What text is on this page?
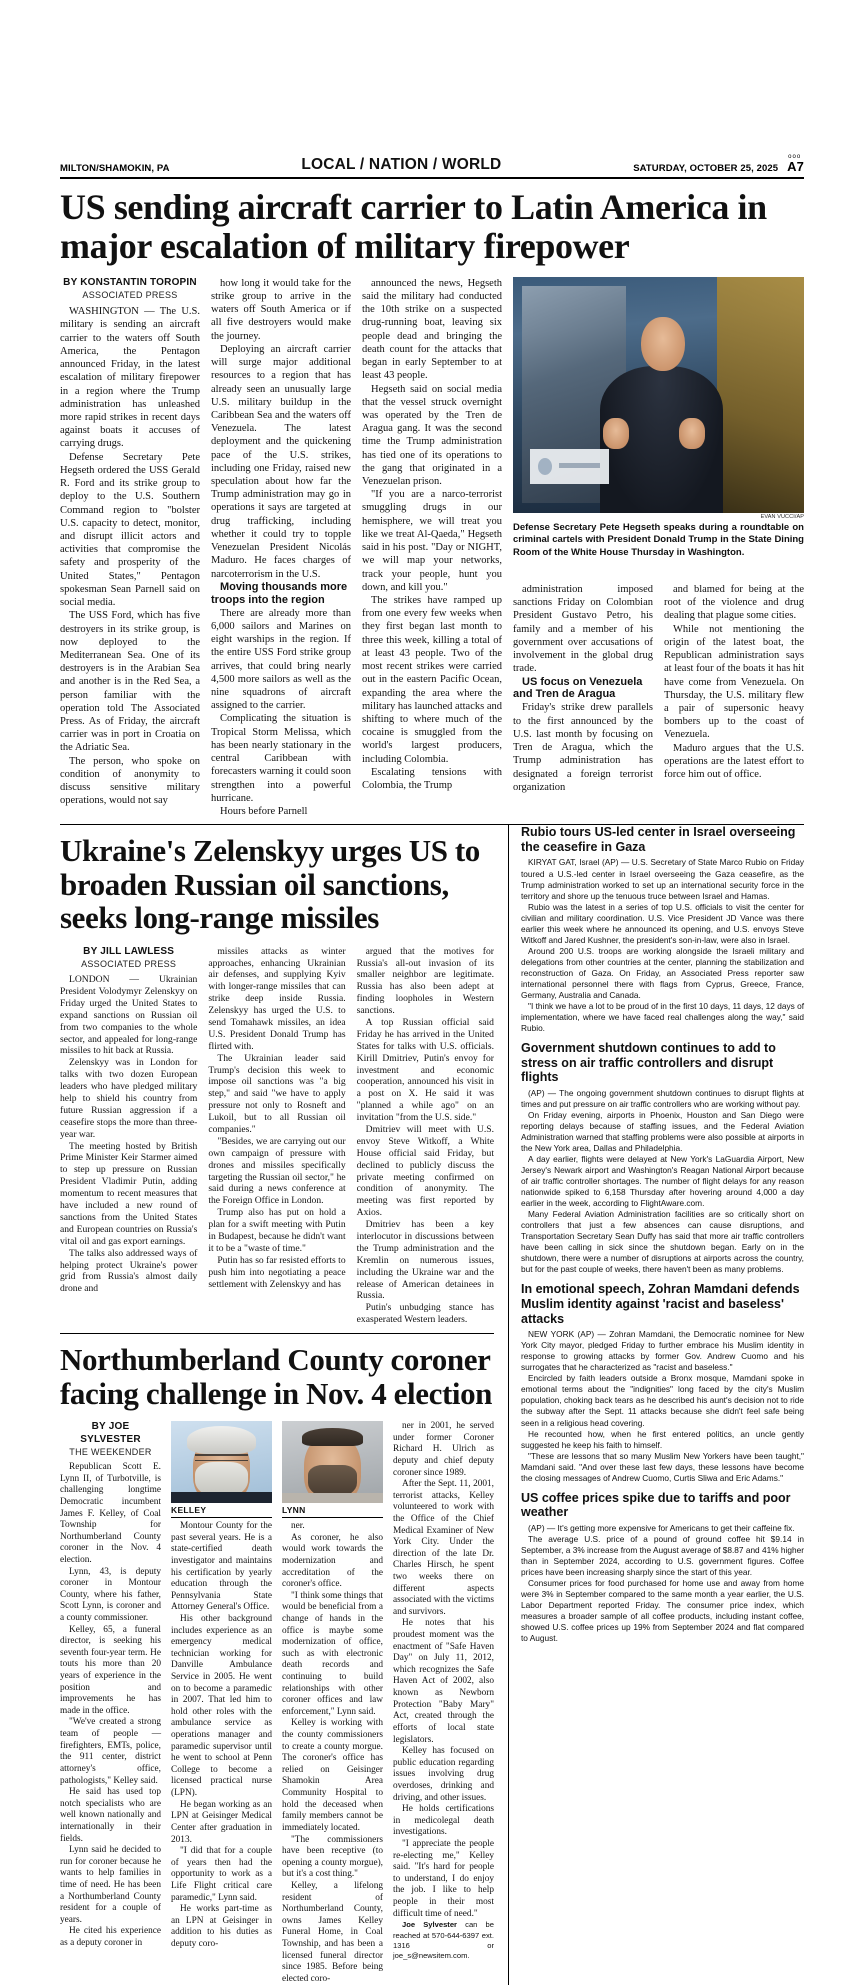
MILTON/SHAMOKIN, PA	LOCAL / NATION / WORLD	SATURDAY, OCTOBER 25, 2025
ooo
A7
US sending aircraft carrier to Latin America in major escalation of military firepower
BY KONSTANTIN TOROPIN
ASSOCIATED PRESS

WASHINGTON — The U.S. military is sending an aircraft carrier to the waters off South America, the Pentagon announced Friday, in the latest escalation of military firepower in a region where the Trump administration has unleashed more rapid strikes in recent days against boats it accuses of carrying drugs.

Defense Secretary Pete Hegseth ordered the USS Gerald R. Ford and its strike group to deploy to the U.S. Southern Command region to "bolster U.S. capacity to detect, monitor, and disrupt illicit actors and activities that compromise the safety and prosperity of the United States," Pentagon spokesman Sean Parnell said on social media.

The USS Ford, which has five destroyers in its strike group, is now deployed to the Mediterranean Sea. One of its destroyers is in the Arabian Sea and another is in the Red Sea, a person familiar with the operation told The Associated Press. As of Friday, the aircraft carrier was in port in Croatia on the Adriatic Sea.

The person, who spoke on condition of anonymity to discuss sensitive military operations, would not say

how long it would take for the strike group to arrive in the waters off South America or if all five destroyers would make the journey.

Deploying an aircraft carrier will surge major additional resources to a region that has already seen an unusually large U.S. military buildup in the Caribbean Sea and the waters off Venezuela. The latest deployment and the quickening pace of the U.S. strikes, including one Friday, raised new speculation about how far the Trump administration may go in operations it says are targeted at drug trafficking, including whether it could try to topple Venezuelan President Nicolás Maduro. He faces charges of narcoterrorism in the U.S.

Moving thousands more troops into the region

There are already more than 6,000 sailors and Marines on eight warships in the region. If the entire USS Ford strike group arrives, that could bring nearly 4,500 more sailors as well as the nine squadrons of aircraft assigned to the carrier.

Complicating the situation is Tropical Storm Melissa, which has been nearly stationary in the central Caribbean with forecasters warning it could soon strengthen into a powerful hurricane.

Hours before Parnell

announced the news, Hegseth said the military had conducted the 10th strike on a suspected drug-running boat, leaving six people dead and bringing the death count for the attacks that began in early September to at least 43 people.

Hegseth said on social media that the vessel struck overnight was operated by the Tren de Aragua gang. It was the second time the Trump administration has tied one of its operations to the gang that originated in a Venezuelan prison.

"If you are a narco-terrorist smuggling drugs in our hemisphere, we will treat you like we treat Al-Qaeda," Hegseth said in his post. "Day or NIGHT, we will map your networks, track your people, hunt you down, and kill you."

The strikes have ramped up from one every few weeks when they first began last month to three this week, killing a total of at least 43 people. Two of the most recent strikes were carried out in the eastern Pacific Ocean, expanding the area where the military has launched attacks and shifting to where much of the cocaine is smuggled from the world's largest producers, including Colombia.

Escalating tensions with Colombia, the Trump

EVAN VUCCI/AP
Defense Secretary Pete Hegseth speaks during a roundtable on criminal cartels with President Donald Trump in the State Dining Room of the White House Thursday in Washington.

administration imposed sanctions Friday on Colombian President Gustavo Petro, his family and a member of his government over accusations of involvement in the global drug trade.

US focus on Venezuela and Tren de Aragua

Friday's strike drew parallels to the first announced by the U.S. last month by focusing on Tren de Aragua, which the Trump administration has designated a foreign terrorist organization

and blamed for being at the root of the violence and drug dealing that plague some cities.

While not mentioning the origin of the latest boat, the Republican administration says at least four of the boats it has hit have come from Venezuela. On Thursday, the U.S. military flew a pair of supersonic heavy bombers up to the coast of Venezuela.

Maduro argues that the U.S. operations are the latest effort to force him out of office.

Ukraine's Zelenskyy urges US to broaden Russian oil sanctions, seeks long-range missiles
BY JILL LAWLESS
ASSOCIATED PRESS

LONDON — Ukrainian President Volodymyr Zelenskyy on Friday urged the United States to expand sanctions on Russian oil from two companies to the whole sector, and appealed for long-range missiles to hit back at Russia.

Zelenskyy was in London for talks with two dozen European leaders who have pledged military help to shield his country from future Russian aggression if a ceasefire stops the more than three-year war.

The meeting hosted by British Prime Minister Keir Starmer aimed to step up pressure on Russian President Vladimir Putin, adding momentum to recent measures that have included a new round of sanctions from the United States and European countries on Russia's vital oil and gas export earnings.

The talks also addressed ways of helping protect Ukraine's power grid from Russia's almost daily drone and

missiles attacks as winter approaches, enhancing Ukrainian air defenses, and supplying Kyiv with longer-range missiles that can strike deep inside Russia. Zelenskyy has urged the U.S. to send Tomahawk missiles, an idea U.S. President Donald Trump has flirted with.

The Ukrainian leader said Trump's decision this week to impose oil sanctions was "a big step," and said "we have to apply pressure not only to Rosneft and Lukoil, but to all Russian oil companies."

"Besides, we are carrying out our own campaign of pressure with drones and missiles specifically targeting the Russian oil sector," he said during a news conference at the Foreign Office in London.

Trump also has put on hold a plan for a swift meeting with Putin in Budapest, because he didn't want it to be a "waste of time."

Putin has so far resisted efforts to push him into negotiating a peace settlement with Zelenskyy and has

argued that the motives for Russia's all-out invasion of its smaller neighbor are legitimate. Russia has also been adept at finding loopholes in Western sanctions.

A top Russian official said Friday he has arrived in the United States for talks with U.S. officials. Kirill Dmitriev, Putin's envoy for investment and economic cooperation, announced his visit in a post on X. He said it was "planned a while ago" on an invitation "from the U.S. side."

Dmitriev will meet with U.S. envoy Steve Witkoff, a White House official said Friday, but declined to publicly discuss the private meeting confirmed on condition of anonymity. The meeting was first reported by Axios.

Dmitriev has been a key interlocutor in discussions between the Trump administration and the Kremlin on numerous issues, including the Ukraine war and the release of American detainees in Russia.

Putin's unbudging stance has exasperated Western leaders.

Northumberland County coroner facing challenge in Nov. 4 election
BY JOE SYLVESTER
THE WEEKENDER

Republican Scott E. Lynn II, of Turbotville, is challenging longtime Democratic incumbent James F. Kelley, of Coal Township for Northumberland County coroner in the Nov. 4 election.

Lynn, 43, is deputy coroner in Montour County, where his father, Scott Lynn, is coroner and a county commissioner.

Kelley, 65, a funeral director, is seeking his seventh four-year term. He touts his more than 20 years of experience in the position and improvements he has made in the office.

"We've created a strong team of people — firefighters, EMTs, police, the 911 center, district attorney's office, pathologists," Kelley said.

He said has used top notch specialists who are well known nationally and internationally in their fields.

Lynn said he decided to run for coroner because he wants to help families in time of need. He has been a Northumberland County resident for a couple of years.

He cited his experience as a deputy coroner in

KELLEY

Montour County for the past several years. He is a state-certified death investigator and maintains his certification by yearly education through the Pennsylvania State Attorney General's Office.

His other background includes experience as an emergency medical technician working for Danville Ambulance Service in 2005. He went on to become a paramedic in 2007. That led him to hold other roles with the ambulance service as operations manager and paramedic supervisor until he went to school at Penn College to become a licensed practical nurse (LPN).

He began working as an LPN at Geisinger Medical Center after graduation in 2013.

"I did that for a couple of years then had the opportunity to work as a Life Flight critical care paramedic," Lynn said.

He works part-time as an LPN at Geisinger in addition to his duties as deputy coro-

LYNN

ner.

As coroner, he also would work towards the modernization and accreditation of the coroner's office.

"I think some things that would be beneficial from a change of hands in the office is maybe some modernization of office, such as with electronic death records and continuing to build relationships with other coroner offices and law enforcement," Lynn said.

Kelley is working with the county commissioners to create a county morgue. The coroner's office has relied on Geisinger Shamokin Area Community Hospital to hold the deceased when family members cannot be immediately located.

"The commissioners have been receptive (to opening a county morgue), but it's a cost thing."

Kelley, a lifelong resident of Northumberland County, owns James Kelley Funeral Home, in Coal Township, and has been a licensed funeral director since 1985. Before being elected coro-

ner in 2001, he served under former Coroner Richard H. Ulrich as deputy and chief deputy coroner since 1989.

After the Sept. 11, 2001, terrorist attacks, Kelley volunteered to work with the Office of the Chief Medical Examiner of New York City. Under the direction of the late Dr. Charles Hirsch, he spent two weeks there on different aspects associated with the victims and survivors.

He notes that his proudest moment was the enactment of "Safe Haven Day" on July 11, 2012, which recognizes the Safe Haven Act of 2002, also known as Newborn Protection "Baby Mary" Act, created through the efforts of local state legislators.

Kelley has focused on public education regarding issues involving drug overdoses, drinking and driving, and other issues.

He holds certifications in medicolegal death investigations.

"I appreciate the people re-electing me," Kelley said. "It's hard for people to understand, I do enjoy the job. I like to help people in their most difficult time of need."

Joe Sylvester can be reached at 570-644-6397 ext. 1316 or joe_s@newsitem.com.

Rubio tours US-led center in Israel overseeing the ceasefire in Gaza

KIRYAT GAT, Israel (AP) — U.S. Secretary of State Marco Rubio on Friday toured a U.S.-led center in Israel overseeing the Gaza ceasefire, as the Trump administration worked to set up an international security force in the territory and shore up the tenuous truce between Israel and Hamas.

Rubio was the latest in a series of top U.S. officials to visit the center for civilian and military coordination. U.S. Vice President JD Vance was there earlier this week where he announced its opening, and U.S. envoys Steve Witkoff and Jared Kushner, the president's son-in-law, were also in Israel.

Around 200 U.S. troops are working alongside the Israeli military and delegations from other countries at the center, planning the stabilization and reconstruction of Gaza. On Friday, an Associated Press reporter saw international personnel there with flags from Cyprus, Greece, France, Germany, Australia and Canada.

"I think we have a lot to be proud of in the first 10 days, 11 days, 12 days of implementation, where we have faced real challenges along the way," said Rubio.

Government shutdown continues to add to stress on air traffic controllers and disrupt flights

(AP) — The ongoing government shutdown continues to disrupt flights at times and put pressure on air traffic controllers who are working without pay.

On Friday evening, airports in Phoenix, Houston and San Diego were reporting delays because of staffing issues, and the Federal Aviation Administration warned that staffing problems were also possible at airports in the New York area, Dallas and Philadelphia.

A day earlier, flights were delayed at New York's LaGuardia Airport, New Jersey's Newark airport and Washington's Reagan National Airport because of air traffic controller shortages. The number of flight delays for any reason nationwide spiked to 6,158 Thursday after hovering around 4,000 a day earlier in the week, according to FlightAware.com.

Many Federal Aviation Administration facilities are so critically short on controllers that just a few absences can cause disruptions, and Transportation Secretary Sean Duffy has said that more air traffic controllers have been calling in sick since the shutdown began. Early on in the shutdown, there were a number of disruptions at airports across the country, but for the past couple of weeks, there haven't been as many problems.

In emotional speech, Zohran Mamdani defends Muslim identity against 'racist and baseless' attacks

NEW YORK (AP) — Zohran Mamdani, the Democratic nominee for New York City mayor, pledged Friday to further embrace his Muslim identity in response to growing attacks by former Gov. Andrew Cuomo and his surrogates that he characterized as "racist and baseless."

Encircled by faith leaders outside a Bronx mosque, Mamdani spoke in emotional terms about the "indignities" long faced by the city's Muslim population, choking back tears as he described his aunt's decision not to ride the subway after the Sept. 11 attacks because she didn't feel safe being seen in a religious head covering.

He recounted how, when he first entered politics, an uncle gently suggested he keep his faith to himself.

"These are lessons that so many Muslim New Yorkers have been taught," Mamdani said. "And over these last few days, these lessons have become the closing messages of Andrew Cuomo, Curtis Sliwa and Eric Adams."

US coffee prices spike due to tariffs and poor weather

(AP) — It's getting more expensive for Americans to get their caffeine fix.

The average U.S. price of a pound of ground coffee hit $9.14 in September, a 3% increase from the August average of $8.87 and 41% higher than in September 2024, according to U.S. government figures. Coffee prices have been increasing sharply since the start of this year.

Consumer prices for food purchased for home use and away from home were 3% in September compared to the same month a year earlier, the U.S. Labor Department reported Friday. The consumer price index, which measures a broader sample of all coffee products, including instant coffee, showed U.S. coffee prices up 19% from September 2024 and flat compared to August.
